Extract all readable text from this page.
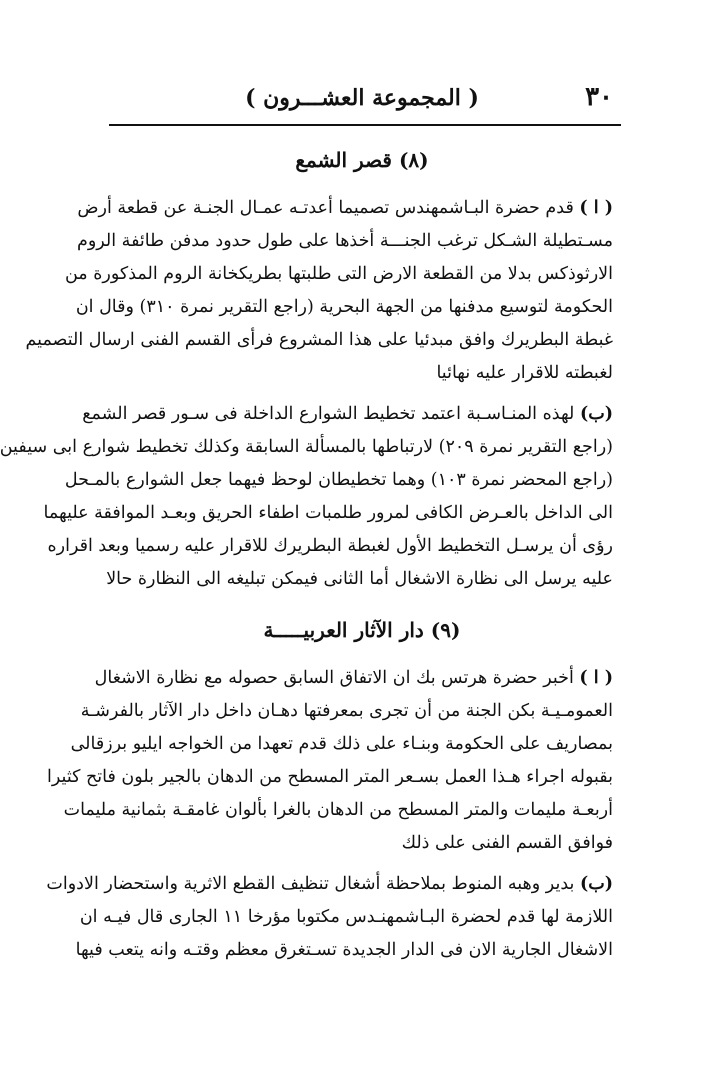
٣٠
( المجموعة العشـــرون )
(٨) قصر الشمع
( ا ) قدم حضرة البـاشمهندس تصميما أعدتـه عمـال الجنـة عن قطعة أرض
مسـتطيلة الشـكل ترغب الجنـــة أخذها على طول حدود مدفن طائفة الروم
الارثوذكس بدلا من القطعة الارض التى طلبتها بطريكخانة الروم المذكورة من
الحكومة لتوسيع مدفنها من الجهة البحرية (راجع التقرير نمرة ٣١٠) وقال ان
غبطة البطريرك وافق مبدئيا على هذا المشروع فرأى القسم الفنى ارسال التصميم
لغبطته للاقرار عليه نهائيا
(ب) لهذه المنـاسـبة اعتمد تخطيط الشوارع الداخلة فى سـور قصر الشمع
(راجع التقرير نمرة ٢٠٩) لارتباطها بالمسألة السابقة وكذلك تخطيط شوارع ابى سيفين
(راجع المحضر نمرة ١٠٣) وهما تخطيطان لوحظ فيهما جعل الشوارع بالمـحل
الى الداخل بالعـرض الكافى لمرور طلمبات اطفاء الحريق وبعـد الموافقة عليهما
رؤى أن يرسـل التخطيط الأول لغبطة البطريرك للاقرار عليه رسميا وبعد اقراره
عليه يرسل الى نظارة الاشغال أما الثانى فيمكن تبليغه الى النظارة حالا
(٩) دار الآثار العربيـــــة
( ا ) أخبر حضرة هرتس بك ان الاتفاق السابق حصوله مع نظارة الاشغال
العمومـيـة بكن الجنة من أن تجرى بمعرفتها دهـان داخل دار الآثار بالفرشـة
بمصاريف على الحكومة وبنـاء على ذلك قدم تعهدا من الخواجه ايليو برزقالى
بقبوله اجراء هـذا العمل بسـعر المتر المسطح من الدهان بالجير بلون فاتح كثيرا
أربعـة مليمات والمتر المسطح من الدهان بالغرا بألوان غامقـة بثمانية مليمات
فوافق القسم الفنى على ذلك
(ب) بدير وهبه المنوط بملاحظة أشغال تنظيف القطع الاثرية واستحضار الادوات
اللازمة لها قدم لحضرة البـاشمهنـدس مكتوبا مؤرخا ١١ الجارى قال فيـه ان
الاشغال الجارية الان فى الدار الجديدة تسـتغرق معظم وقتـه وانه يتعب فيها
